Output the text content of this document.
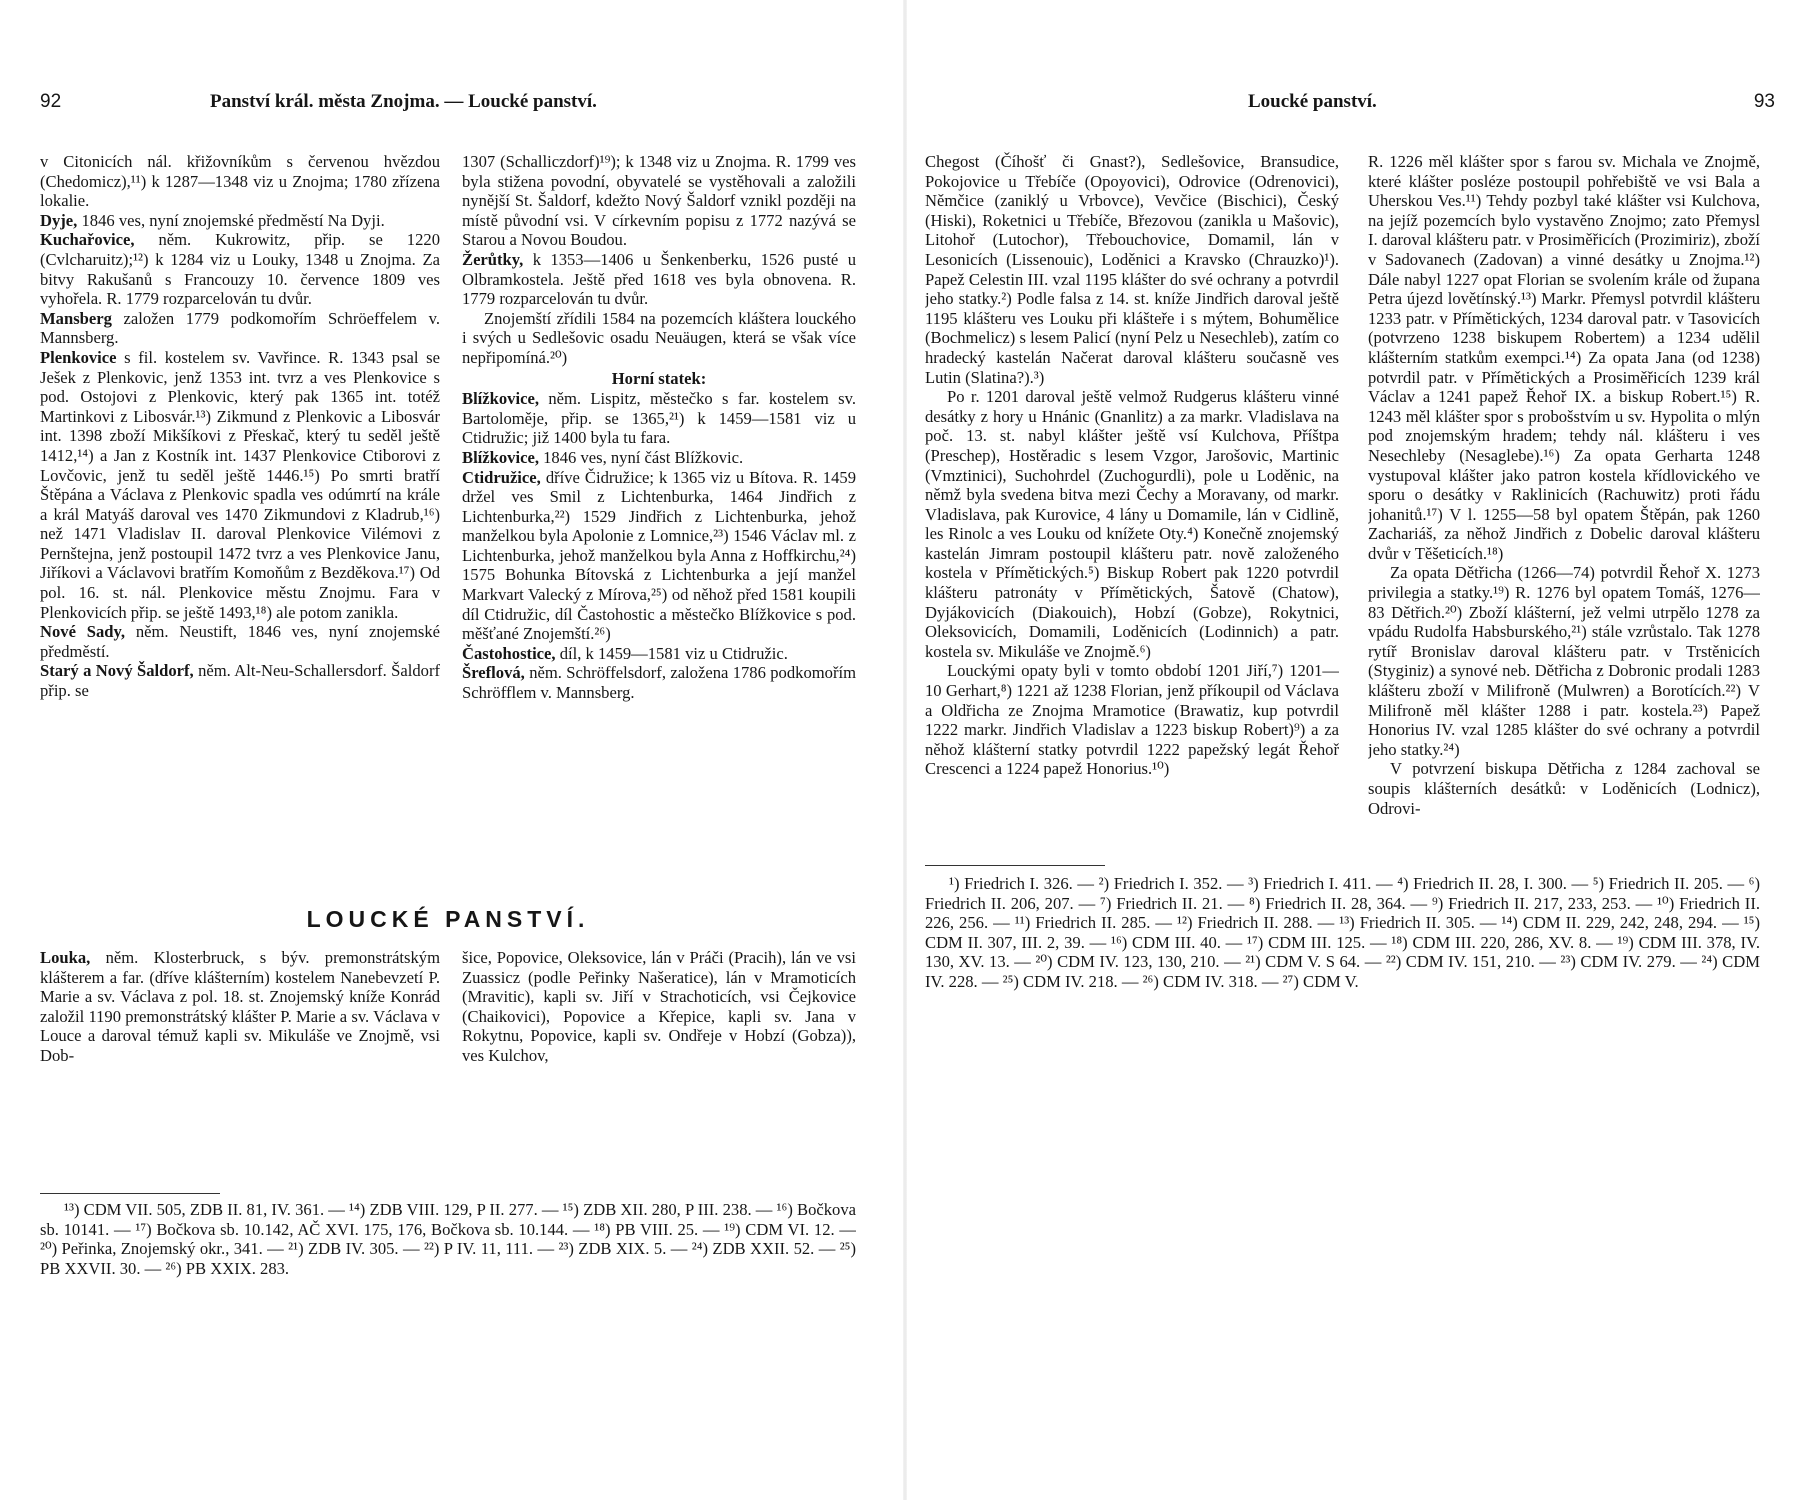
92	Panství král. města Znojma. — Loucké panství.

v Citonicích nál. křižovníkům s červenou hvězdou (Chedomicz),¹¹) k 1287—1348 viz u Znojma; 1780 zřízena lokalie.

Dyje, 1846 ves, nyní znojemské předměstí Na Dyji.

Kuchařovice, něm. Kukrowitz, přip. se 1220 (Cvlcharuitz);¹²) k 1284 viz u Louky, 1348 u Znojma. Za bitvy Rakušanů s Francouzy 10. července 1809 ves vyhořela. R. 1779 rozparcelován tu dvůr.

Mansberg založen 1779 podkomořím Schröeffelem v. Mannsberg.

Plenkovice s fil. kostelem sv. Vavřince. R. 1343 psal se Ješek z Plenkovic, jenž 1353 int. tvrz a ves Plenkovice s pod. Ostojovi z Plenkovic, který pak 1365 int. totéž Martinkovi z Libosvár.¹³) Zikmund z Plenkovic a Libosvár int. 1398 zboží Mikšíkovi z Přeskač, který tu seděl ještě 1412,¹⁴) a Jan z Kostník int. 1437 Plenkovice Ctiborovi z Lovčovic, jenž tu seděl ještě 1446.¹⁵) Po smrti bratří Štěpána a Václava z Plenkovic spadla ves odúmrtí na krále a král Matyáš daroval ves 1470 Zikmundovi z Kladrub,¹⁶) než 1471 Vladislav II. daroval Plenkovice Vilémovi z Pernštejna, jenž postoupil 1472 tvrz a ves Plenkovice Janu, Jiříkovi a Václavovi bratřím Komoňům z Bezděkova.¹⁷) Od pol. 16. st. nál. Plenkovice městu Znojmu. Fara v Plenkovicích přip. se ještě 1493,¹⁸) ale potom zanikla.

Nové Sady, něm. Neustift, 1846 ves, nyní znojemské předměstí.

Starý a Nový Šaldorf, něm. Alt-Neu-Schallersdorf. Šaldorf přip. se

1307 (Schalliczdorf)¹⁹); k 1348 viz u Znojma. R. 1799 ves byla stižena povodní, obyvatelé se vystěhovali a založili nynější St. Šaldorf, kdežto Nový Šaldorf vznikl později na místě původní vsi. V církevním popisu z 1772 nazývá se Starou a Novou Boudou.

Žerůtky, k 1353—1406 u Šenkenberku, 1526 pusté u Olbramkostela. Ještě před 1618 ves byla obnovena. R. 1779 rozparcelován tu dvůr.

Znojemští zřídili 1584 na pozemcích kláštera louckého i svých u Sedlešovic osadu Neuäugen, která se však více nepřipomíná.²⁰)

Horní statek:

Blížkovice, něm. Lispitz, městečko s far. kostelem sv. Bartoloměje, přip. se 1365,²¹) k 1459—1581 viz u Ctidružic; již 1400 byla tu fara.

Blížkovice, 1846 ves, nyní část Blížkovic.

Ctidružice, dříve Čidružice; k 1365 viz u Bítova. R. 1459 držel ves Smil z Lichtenburka, 1464 Jindřich z Lichtenburka,²²) 1529 Jindřich z Lichtenburka, jehož manželkou byla Apolonie z Lomnice,²³) 1546 Václav ml. z Lichtenburka, jehož manželkou byla Anna z Hoffkirchu,²⁴) 1575 Bohunka Bítovská z Lichtenburka a její manžel Markvart Valecký z Mírova,²⁵) od něhož před 1581 koupili díl Ctidružic, díl Častohostic a městečko Blížkovice s pod. měšťané Znojemští.²⁶)

Častohostice, díl, k 1459—1581 viz u Ctidružic.

Šreflová, něm. Schröffelsdorf, založena 1786 podkomořím Schröfflem v. Mannsberg.

LOUCKÉ PANSTVÍ.

Louka, něm. Klosterbruck, s býv. premonstrátským klášterem a far. (dříve klášterním) kostelem Nanebevzetí P. Marie a sv. Václava z pol. 18. st. Znojemský kníže Konrád založil 1190 premonstrátský klášter P. Marie a sv. Václava v Louce a daroval témuž kapli sv. Mikuláše ve Znojmě, vsi Dob-

šice, Popovice, Oleksovice, lán v Práči (Pracih), lán ve vsi Zuassicz (podle Peřinky Našeratice), lán v Mramoticích (Mravitic), kapli sv. Jiří v Strachoticích, vsi Čejkovice (Chaikovici), Popovice a Křepice, kapli sv. Jana v Rokytnu, Popovice, kapli sv. Ondřeje v Hobzí (Gobza)), ves Kulchov,

¹³) CDM VII. 505, ZDB II. 81, IV. 361. — ¹⁴) ZDB VIII. 129, P II. 277. — ¹⁵) ZDB XII. 280, P III. 238. — ¹⁶) Bočkova sb. 10141. — ¹⁷) Bočkova sb. 10.142, AČ XVI. 175, 176, Bočkova sb. 10.144. — ¹⁸) PB VIII. 25. — ¹⁹) CDM VI. 12. — ²⁰) Peřinka, Znojemský okr., 341. — ²¹) ZDB IV. 305. — ²²) P IV. 11, 111. — ²³) ZDB XIX. 5. — ²⁴) ZDB XXII. 52. — ²⁵) PB XXVII. 30. — ²⁶) PB XXIX. 283.
Loucké panství.	93

Chegost (Číhošť či Gnast?), Sedlešovice, Bransudice, Pokojovice u Třebíče (Opoyovici), Odrovice (Odrenovici), Němčice (zaniklý u Vrbovce), Vevčice (Bischici), Český (Hiski), Roketnici u Třebíče, Březovou (zanikla u Mašovic), Litohoř (Lutochor), Třebouchovice, Domamil, lán v Lesonicích (Lissenouic), Loděnici a Kravsko (Chrauzko)¹). Papež Celestin III. vzal 1195 klášter do své ochrany a potvrdil jeho statky.²) Podle falsa z 14. st. kníže Jindřich daroval ještě 1195 klášteru ves Louku při klášteře i s mýtem, Bohumělice (Bochmelicz) s lesem Palicí (nyní Pelz u Nesechleb), zatím co hradecký kastelán Načerat daroval klášteru současně ves Lutin (Slatina?).³)

Po r. 1201 daroval ještě velmož Rudgerus klášteru vinné desátky z hory u Hnánic (Gnanlitz) a za markr. Vladislava na poč. 13. st. nabyl klášter ještě vsí Kulchova, Příštpa (Preschep), Hostěradic s lesem Vzgor, Jarošovic, Martinic (Vmztinici), Suchohrdel (Zuchogurdli), pole u Loděnic, na němž byla svedena bitva mezi Čechy a Moravany, od markr. Vladislava, pak Kurovice, 4 lány u Domamile, lán v Cidlině, les Rinolc a ves Louku od knížete Oty.⁴) Konečně znojemský kastelán Jimram postoupil klášteru patr. nově založeného kostela v Přímětických.⁵) Biskup Robert pak 1220 potvrdil klášteru patronáty v Přímětických, Šatově (Chatow), Dyjákovicích (Diakouich), Hobzí (Gobze), Rokytnici, Oleksovicích, Domamili, Loděnicích (Lodinnich) a patr. kostela sv. Mikuláše ve Znojmě.⁶)

Louckými opaty byli v tomto období 1201 Jiří,⁷) 1201—10 Gerhart,⁸) 1221 až 1238 Florian, jenž příkoupil od Václava a Oldřicha ze Znojma Mramotice (Brawatiz, kup potvrdil 1222 markr. Jindřich Vladislav a 1223 biskup Robert)⁹) a za něhož klášterní statky potvrdil 1222 papežský legát Řehoř Crescenci a 1224 papež Honorius.¹⁰)

R. 1226 měl klášter spor s farou sv. Michala ve Znojmě, které klášter posléze postoupil pohřebiště ve vsi Bala a Uherskou Ves.¹¹) Tehdy pozbyl také klášter vsi Kulchova, na jejíž pozemcích bylo vystavěno Znojmo; zato Přemysl I. daroval klášteru patr. v Prosiměřicích (Prozimiriz), zboží v Sadovanech (Zadovan) a vinné desátky u Znojma.¹²) Dále nabyl 1227 opat Florian se svolením krále od župana Petra újezd lovětínský.¹³) Markr. Přemysl potvrdil klášteru 1233 patr. v Přímětických, 1234 daroval patr. v Tasovicích (potvrzeno 1238 biskupem Robertem) a 1234 udělil klášterním statkům exempci.¹⁴) Za opata Jana (od 1238) potvrdil patr. v Přímětických a Prosiměřicích 1239 král Václav a 1241 papež Řehoř IX. a biskup Robert.¹⁵) R. 1243 měl klášter spor s probošstvím u sv. Hypolita o mlýn pod znojemským hradem; tehdy nál. klášteru i ves Nesechleby (Nesaglebe).¹⁶) Za opata Gerharta 1248 vystupoval klášter jako patron kostela křídlovického ve sporu o desátky v Raklinicích (Rachuwitz) proti řádu johanitů.¹⁷) V l. 1255—58 byl opatem Štěpán, pak 1260 Zachariáš, za něhož Jindřich z Dobelic daroval klášteru dvůr v Těšeticích.¹⁸)

Za opata Dětřicha (1266—74) potvrdil Řehoř X. 1273 privilegia a statky.¹⁹) R. 1276 byl opatem Tomáš, 1276—83 Dětřich.²⁰) Zboží klášterní, jež velmi utrpělo 1278 za vpádu Rudolfa Habsburského,²¹) stále vzrůstalo. Tak 1278 rytíř Bronislav daroval klášteru patr. v Trstěnicích (Styginiz) a synové neb. Dětřicha z Dobronic prodali 1283 klášteru zboží v Milifroně (Mulwren) a Borotících.²²) V Milifroně měl klášter 1288 i patr. kostela.²³) Papež Honorius IV. vzal 1285 klášter do své ochrany a potvrdil jeho statky.²⁴)

V potvrzení biskupa Dětřicha z 1284 zachoval se soupis klášterních desátků: v Loděnicích (Lodnicz), Odrovi-

¹) Friedrich I. 326. — ²) Friedrich I. 352. — ³) Friedrich I. 411. — ⁴) Friedrich II. 28, I. 300. — ⁵) Friedrich II. 205. — ⁶) Friedrich II. 206, 207. — ⁷) Friedrich II. 21. — ⁸) Friedrich II. 28, 364. — ⁹) Friedrich II. 217, 233, 253. — ¹⁰) Friedrich II. 226, 256. — ¹¹) Friedrich II. 285. — ¹²) Friedrich II. 288. — ¹³) Friedrich II. 305. — ¹⁴) CDM II. 229, 242, 248, 294. — ¹⁵) CDM II. 307, III. 2, 39. — ¹⁶) CDM III. 40. — ¹⁷) CDM III. 125. — ¹⁸) CDM III. 220, 286, XV. 8. — ¹⁹) CDM III. 378, IV. 130, XV. 13. — ²⁰) CDM IV. 123, 130, 210. — ²¹) CDM V. S 64. — ²²) CDM IV. 151, 210. — ²³) CDM IV. 279. — ²⁴) CDM IV. 228. — ²⁵) CDM IV. 218. — ²⁶) CDM IV. 318. — ²⁷) CDM V.
